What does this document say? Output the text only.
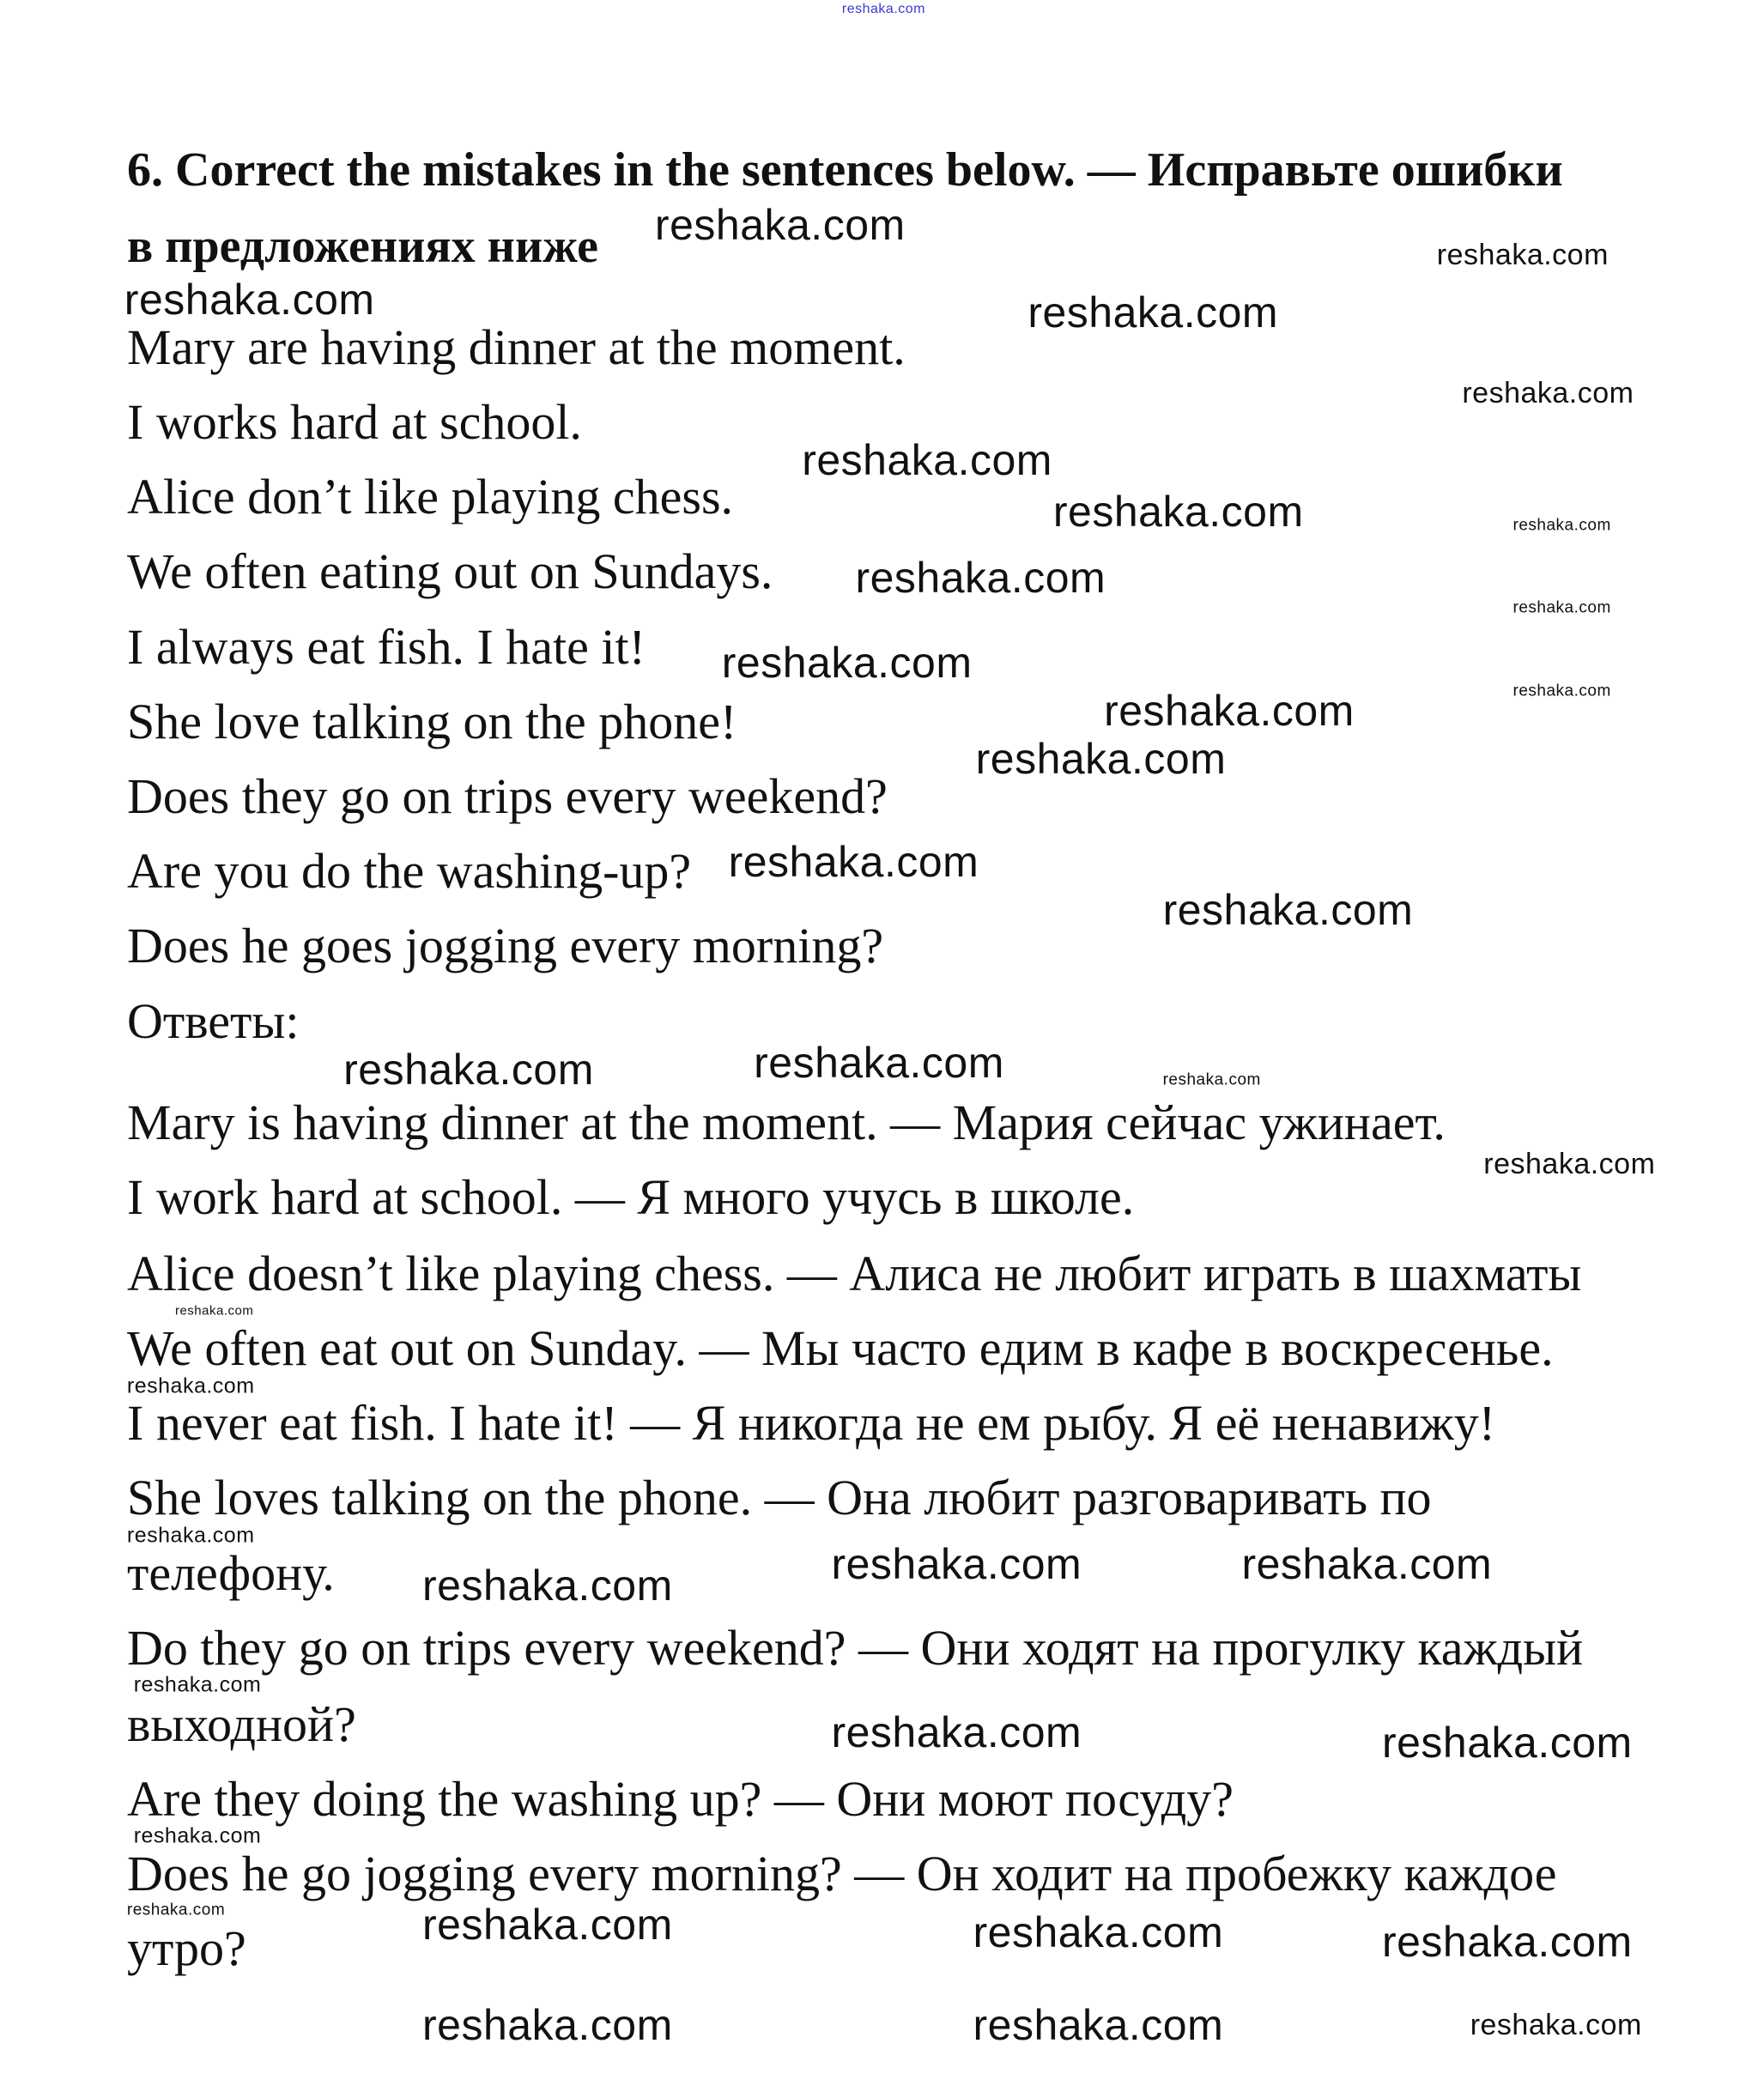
6. Correct the mistakes in the sentences below. — Исправьте ошибки
в предложениях ниже
Ответы:
Mary are having dinner at the moment.
I works hard at school.
Alice don’t like playing chess.
We often eating out on Sundays.
I always eat fish. I hate it!
She love talking on the phone!
Does they go on trips every weekend?
Are you do the washing-up?
Does he goes jogging every morning?
Mary is having dinner at the moment. — Мария сейчас ужинает.
I work hard at school. — Я много учусь в школе.
Alice doesn’t like playing chess. — Алиса не любит играть в шахматы
We often eat out on Sunday. — Мы часто едим в кафе в воскресенье.
I never eat fish. I hate it! — Я никогда не ем рыбу. Я её ненавижу!
She loves talking on the phone. — Она любит разговаривать по
телефону.
Do they go on trips every weekend? — Они ходят на прогулку каждый
выходной?
Are they doing the washing up? — Они моют посуду?
Does he go jogging every morning? — Он ходит на пробежку каждое
утро?
reshaka.com
reshaka.com
reshaka.com
reshaka.com	reshaka.com
reshaka.com
reshaka.com
reshaka.com	reshaka.com
reshaka.com
reshaka.com
reshaka.com
reshaka.com
reshaka.com
reshaka.com
reshaka.com
reshaka.com
reshaka.com	reshaka.com	reshaka.com
reshaka.com
reshaka.com
reshaka.com	reshaka.com
reshaka.com
reshaka.com
reshaka.com	reshaka.com
reshaka.com
reshaka.com
reshaka.com
reshaka.com	reshaka.com
reshaka.com
reshaka.com	reshaka.com	reshaka.com
reshaka.com
